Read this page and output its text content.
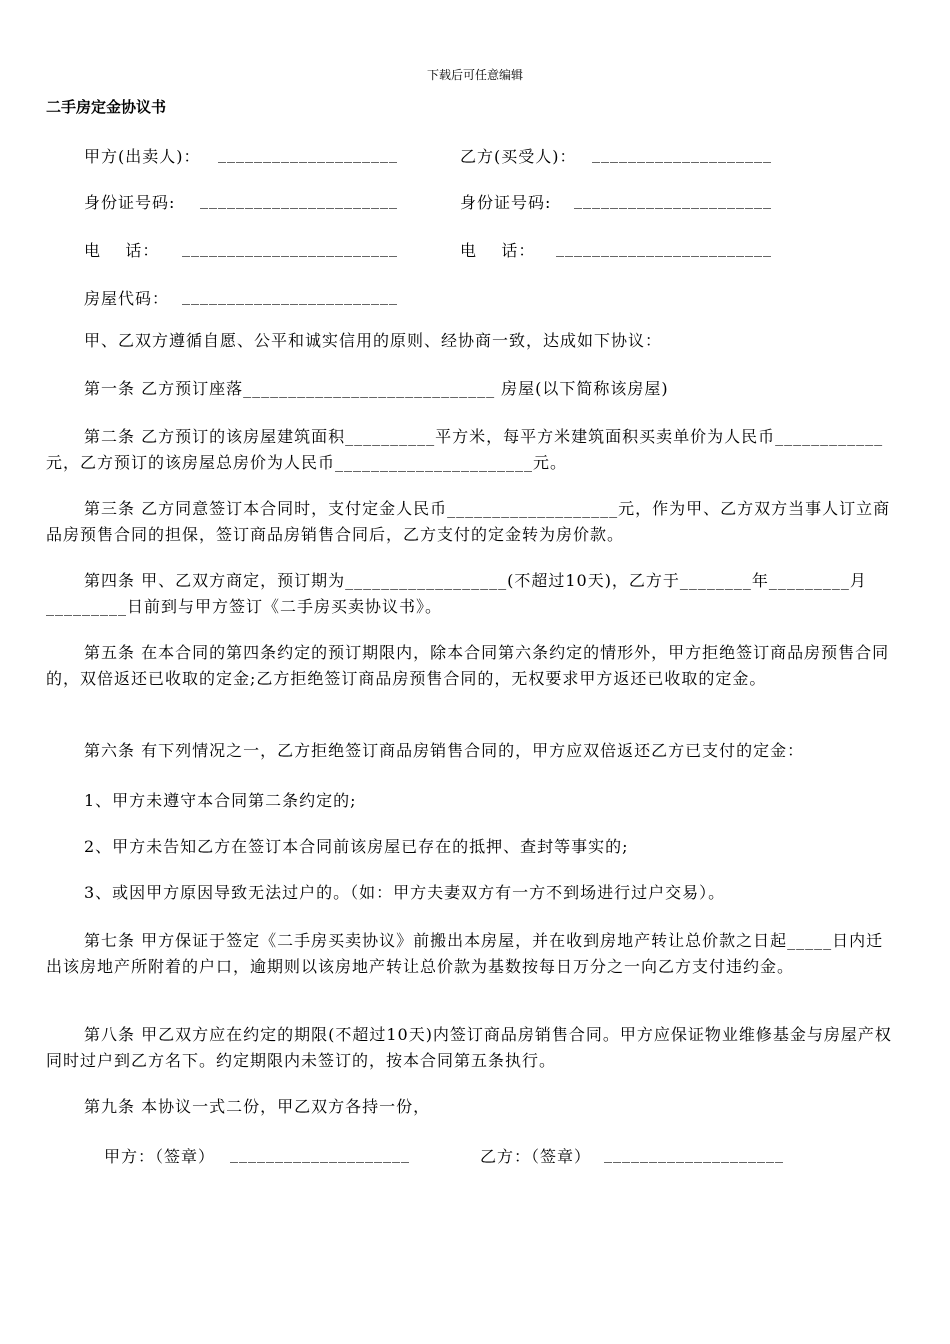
下载后可任意编辑
二手房定金协议书
甲方(出卖人)： ____________________	乙方(买受人)： ____________________
身份证号码: ______________________	身份证号码: ______________________
电    话： ________________________	电    话： ________________________
房屋代码： ________________________

甲、乙双方遵循自愿、公平和诚实信用的原则、经协商一致，达成如下协议：

第一条 乙方预订座落____________________________ 房屋(以下简称该房屋)

第二条 乙方预订的该房屋建筑面积__________平方米，每平方米建筑面积买卖单价为人民币____________元，乙方预订的该房屋总房价为人民币______________________元。

第三条 乙方同意签订本合同时，支付定金人民币___________________元，作为甲、乙方双方当事人订立商品房预售合同的担保，签订商品房销售合同后，乙方支付的定金转为房价款。

第四条 甲、乙双方商定，预订期为__________________(不超过10天)，乙方于________年_________月_________日前到与甲方签订《二手房买卖协议书》。

第五条 在本合同的第四条约定的预订期限内，除本合同第六条约定的情形外，甲方拒绝签订商品房预售合同的，双倍返还已收取的定金;乙方拒绝签订商品房预售合同的，无权要求甲方返还已收取的定金。

第六条 有下列情况之一，乙方拒绝签订商品房销售合同的，甲方应双倍返还乙方已支付的定金：

1、甲方未遵守本合同第二条约定的;
2、甲方未告知乙方在签订本合同前该房屋已存在的抵押、查封等事实的;
3、或因甲方原因导致无法过户的。（如：甲方夫妻双方有一方不到场进行过户交易）。

第七条 甲方保证于签定《二手房买卖协议》前搬出本房屋，并在收到房地产转让总价款之日起_____日内迁出该房地产所附着的户口，逾期则以该房地产转让总价款为基数按每日万分之一向乙方支付违约金。

第八条 甲乙双方应在约定的期限(不超过10天)内签订商品房销售合同。甲方应保证物业维修基金与房屋产权同时过户到乙方名下。约定期限内未签订的，按本合同第五条执行。

第九条 本协议一式二份，甲乙双方各持一份，

甲方：（签章） ____________________	乙方：（签章） ____________________
